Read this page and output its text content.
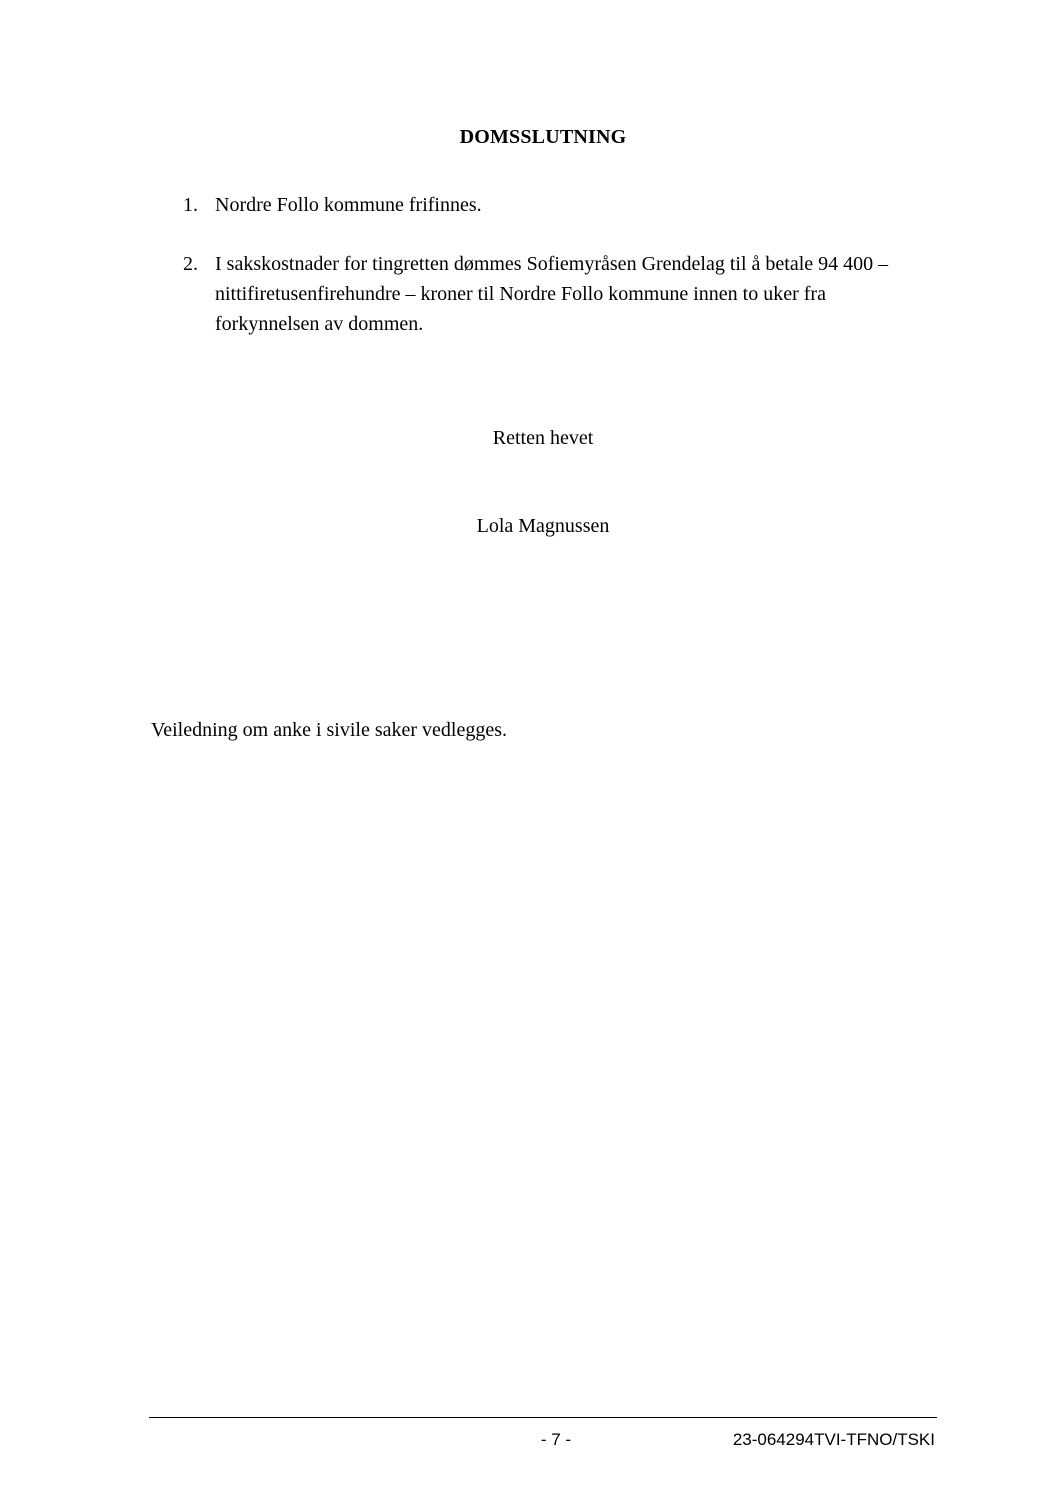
DOMSSLUTNING
1. Nordre Follo kommune frifinnes.
2. I sakskostnader for tingretten dømmes Sofiemyråsen Grendelag til å betale 94 400 – nittifiretusenfirehundre – kroner til Nordre Follo kommune innen to uker fra forkynnelsen av dommen.
Retten hevet
Lola Magnussen
Veiledning om anke i sivile saker vedlegges.
- 7 -	23-064294TVI-TFNO/TSKI
